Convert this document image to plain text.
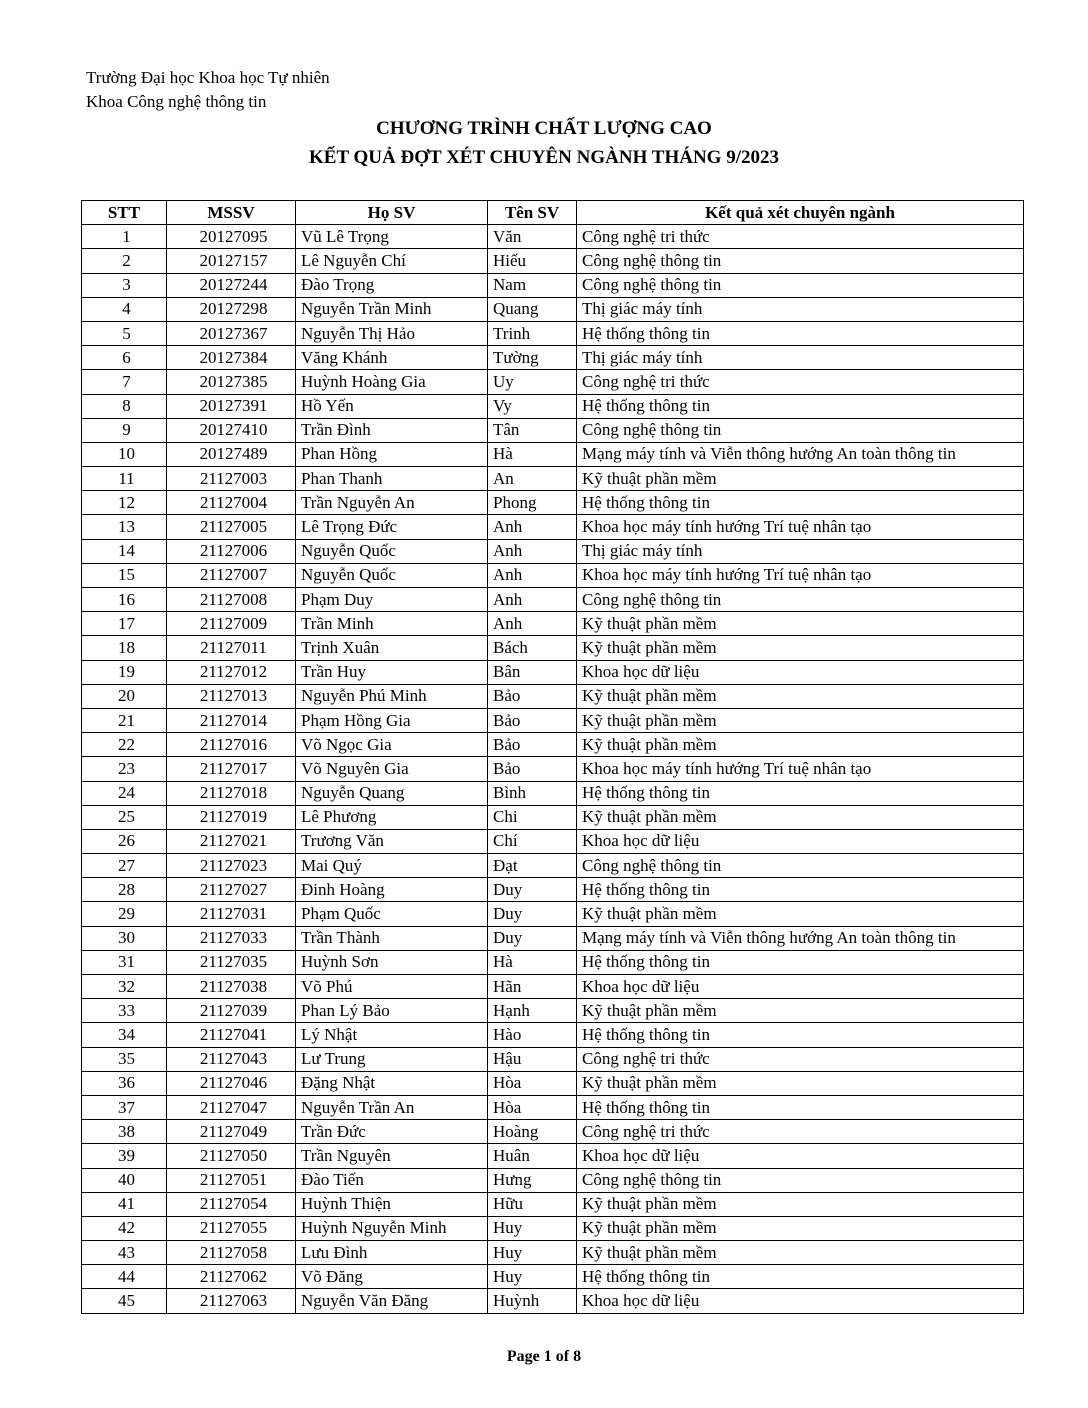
Trường Đại học Khoa học Tự nhiên
Khoa Công nghệ thông tin
CHƯƠNG TRÌNH CHẤT LƯỢNG CAO
KẾT QUẢ ĐỢT XÉT CHUYÊN NGÀNH THÁNG 9/2023
STT	MSSV	Họ SV	Tên SV	Kết quả xét chuyên ngành
1	20127095	Vũ Lê Trọng	Văn	Công nghệ tri thức
2	20127157	Lê Nguyễn Chí	Hiếu	Công nghệ thông tin
3	20127244	Đào Trọng	Nam	Công nghệ thông tin
4	20127298	Nguyễn Trần Minh	Quang	Thị giác máy tính
5	20127367	Nguyễn Thị Hảo	Trinh	Hệ thống thông tin
6	20127384	Văng Khánh	Tường	Thị giác máy tính
7	20127385	Huỳnh Hoàng Gia	Uy	Công nghệ tri thức
8	20127391	Hồ Yến	Vy	Hệ thống thông tin
9	20127410	Trần Đình	Tân	Công nghệ thông tin
10	20127489	Phan Hồng	Hà	Mạng máy tính và Viễn thông hướng An toàn thông tin
11	21127003	Phan Thanh	An	Kỹ thuật phần mềm
12	21127004	Trần Nguyễn An	Phong	Hệ thống thông tin
13	21127005	Lê Trọng Đức	Anh	Khoa học máy tính hướng Trí tuệ nhân tạo
14	21127006	Nguyễn Quốc	Anh	Thị giác máy tính
15	21127007	Nguyễn Quốc	Anh	Khoa học máy tính hướng Trí tuệ nhân tạo
16	21127008	Phạm Duy	Anh	Công nghệ thông tin
17	21127009	Trần Minh	Anh	Kỹ thuật phần mềm
18	21127011	Trịnh Xuân	Bách	Kỹ thuật phần mềm
19	21127012	Trần Huy	Bân	Khoa học dữ liệu
20	21127013	Nguyễn Phú Minh	Bảo	Kỹ thuật phần mềm
21	21127014	Phạm Hồng Gia	Bảo	Kỹ thuật phần mềm
22	21127016	Võ Ngọc Gia	Bảo	Kỹ thuật phần mềm
23	21127017	Võ Nguyên Gia	Bảo	Khoa học máy tính hướng Trí tuệ nhân tạo
24	21127018	Nguyễn Quang	Bình	Hệ thống thông tin
25	21127019	Lê Phương	Chi	Kỹ thuật phần mềm
26	21127021	Trương Văn	Chí	Khoa học dữ liệu
27	21127023	Mai Quý	Đạt	Công nghệ thông tin
28	21127027	Đinh Hoàng	Duy	Hệ thống thông tin
29	21127031	Phạm Quốc	Duy	Kỹ thuật phần mềm
30	21127033	Trần Thành	Duy	Mạng máy tính và Viễn thông hướng An toàn thông tin
31	21127035	Huỳnh Sơn	Hà	Hệ thống thông tin
32	21127038	Võ Phú	Hãn	Khoa học dữ liệu
33	21127039	Phan Lý Bảo	Hạnh	Kỹ thuật phần mềm
34	21127041	Lý Nhật	Hào	Hệ thống thông tin
35	21127043	Lư Trung	Hậu	Công nghệ tri thức
36	21127046	Đặng Nhật	Hòa	Kỹ thuật phần mềm
37	21127047	Nguyễn Trần An	Hòa	Hệ thống thông tin
38	21127049	Trần Đức	Hoàng	Công nghệ tri thức
39	21127050	Trần Nguyên	Huân	Khoa học dữ liệu
40	21127051	Đào Tiến	Hưng	Công nghệ thông tin
41	21127054	Huỳnh Thiện	Hữu	Kỹ thuật phần mềm
42	21127055	Huỳnh Nguyễn Minh	Huy	Kỹ thuật phần mềm
43	21127058	Lưu Đình	Huy	Kỹ thuật phần mềm
44	21127062	Võ Đăng	Huy	Hệ thống thông tin
45	21127063	Nguyễn Văn Đăng	Huỳnh	Khoa học dữ liệu
Page 1 of 8
